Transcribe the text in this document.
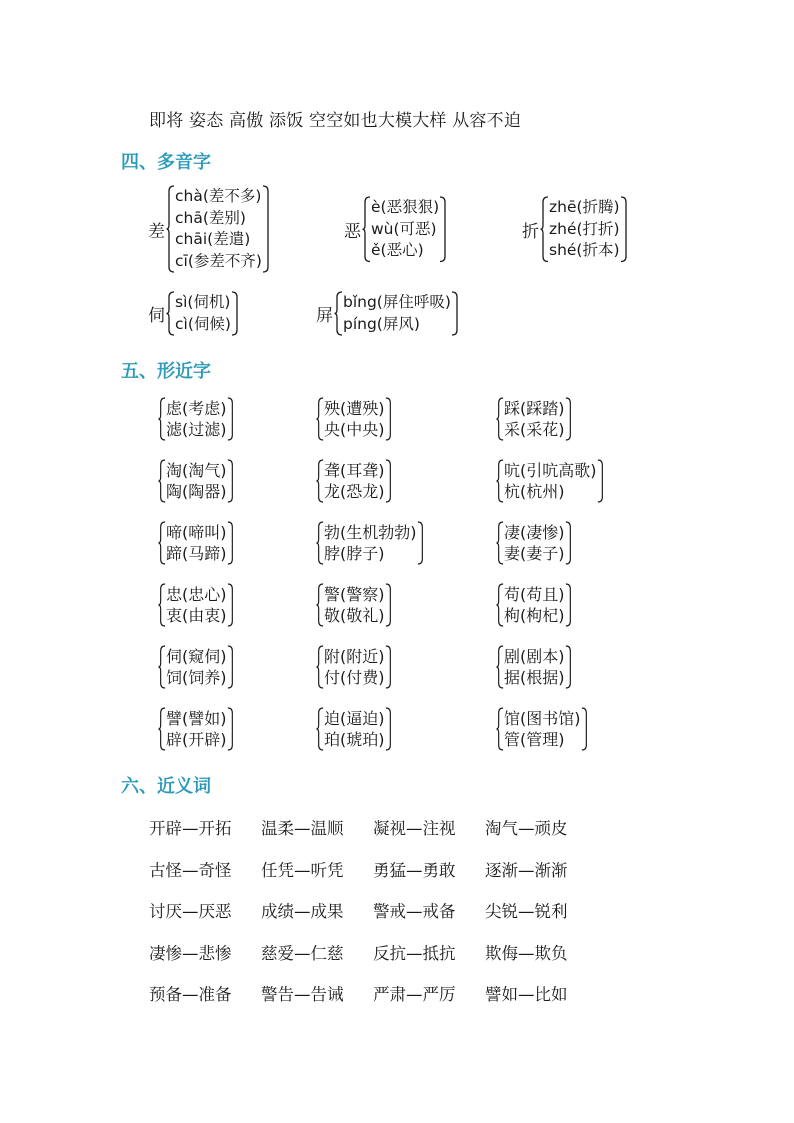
即将 姿态 高傲 添饭 空空如也大模大样 从容不迫
四、多音字
差
chà(差不多)
chā(差别)
chāi(差遣)
cī(参差不齐)
恶
è(恶狠狠)
wù(可恶)
ě(恶心)
折
zhē(折腾)
zhé(打折)
shé(折本)
伺
sì(伺机)
cì(伺候)	屏
bǐng(屏住呼吸)
píng(屏风)
五、形近字
虑(考虑)
滤(过滤)
殃(遭殃)
央(中央)
踩(踩踏)
采(采花)
淘(淘气)
陶(陶器)
聋(耳聋)
龙(恐龙)
吭(引吭高歌)
杭(杭州)
啼(啼叫)
蹄(马蹄)
勃(生机勃勃)
脖(脖子)
凄(凄惨)
妻(妻子)
忠(忠心)
衷(由衷)
警(警察)
敬(敬礼)
苟(苟且)
枸(枸杞)
伺(窥伺)
饲(饲养)
附(附近)
付(付费)
剧(剧本)
据(根据)
譬(譬如)
辟(开辟)
迫(逼迫)
珀(琥珀)
馆(图书馆)
管(管理)
六、近义词
开辟—开拓	温柔—温顺	凝视—注视	淘气—顽皮
古怪—奇怪	任凭—听凭	勇猛—勇敢	逐渐—渐渐
讨厌—厌恶	成绩—成果	警戒—戒备	尖锐—锐利
凄惨—悲惨	慈爱—仁慈	反抗—抵抗	欺侮—欺负
预备—准备	警告—告诫	严肃—严厉	譬如—比如
